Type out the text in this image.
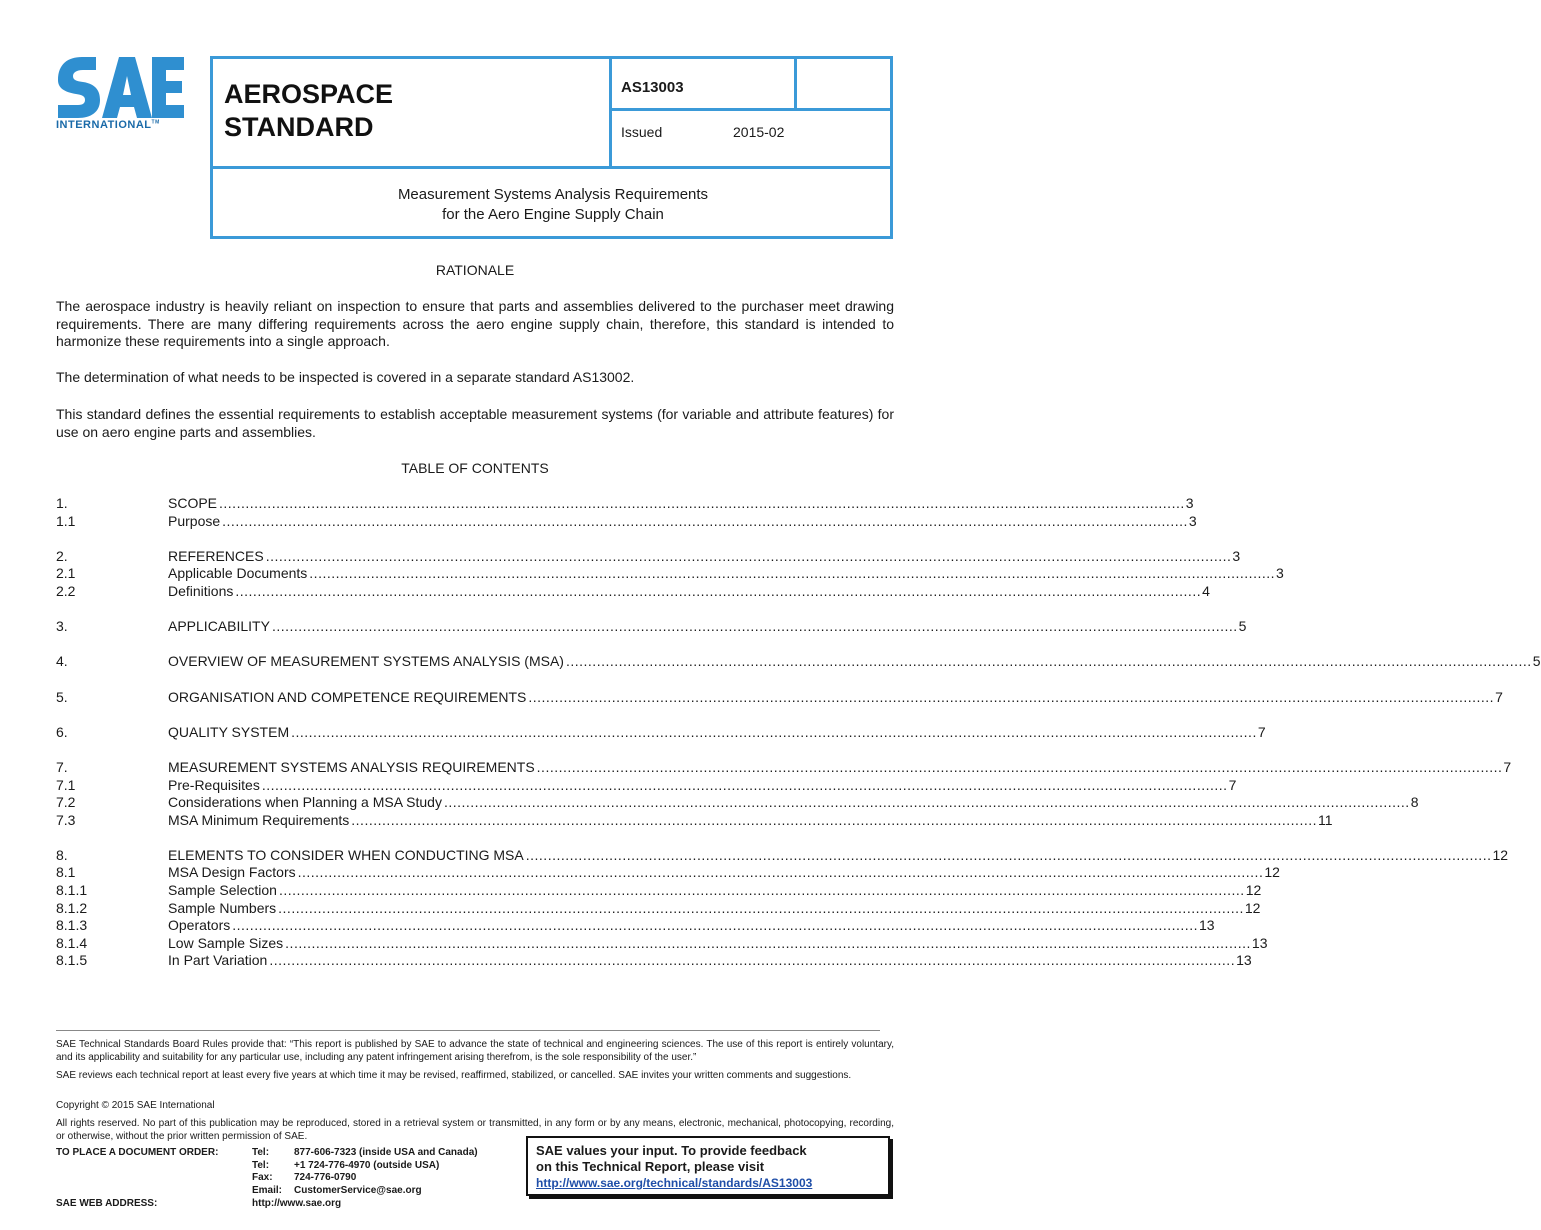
INTERNATIONAL™
AEROSPACE
STANDARD
AS13003
Issued	2015-02
Measurement Systems Analysis Requirements
for the Aero Engine Supply Chain
RATIONALE
The aerospace industry is heavily reliant on inspection to ensure that parts and assemblies delivered to the purchaser meet drawing requirements. There are many differing requirements across the aero engine supply chain, therefore, this standard is intended to harmonize these requirements into a single approach.
The determination of what needs to be inspected is covered in a separate standard AS13002.
This standard defines the essential requirements to establish acceptable measurement systems (for variable and attribute features) for use on aero engine parts and assemblies.
TABLE OF CONTENTS
1.	SCOPE ............................................................................................................................................................................................................................ 3
1.1	Purpose ............................................................................................................................................................................................................................ 3
2.	REFERENCES ............................................................................................................................................................................................................................ 3
2.1	Applicable Documents ............................................................................................................................................................................................................................ 3
2.2	Definitions ............................................................................................................................................................................................................................ 4
3.	APPLICABILITY ............................................................................................................................................................................................................................ 5
4.	OVERVIEW OF MEASUREMENT SYSTEMS ANALYSIS (MSA) ............................................................................................................................................................................................................................ 5
5.	ORGANISATION AND COMPETENCE REQUIREMENTS ............................................................................................................................................................................................................................ 7
6.	QUALITY SYSTEM ............................................................................................................................................................................................................................ 7
7.	MEASUREMENT SYSTEMS ANALYSIS REQUIREMENTS ............................................................................................................................................................................................................................ 7
7.1	Pre-Requisites ............................................................................................................................................................................................................................ 7
7.2	Considerations when Planning a MSA Study ............................................................................................................................................................................................................................ 8
7.3	MSA Minimum Requirements ............................................................................................................................................................................................................................ 11
8.	ELEMENTS TO CONSIDER WHEN CONDUCTING MSA ............................................................................................................................................................................................................................ 12
8.1	MSA Design Factors ............................................................................................................................................................................................................................ 12
8.1.1	Sample Selection ............................................................................................................................................................................................................................ 12
8.1.2	Sample Numbers ............................................................................................................................................................................................................................ 12
8.1.3	Operators ............................................................................................................................................................................................................................ 13
8.1.4	Low Sample Sizes ............................................................................................................................................................................................................................ 13
8.1.5	In Part Variation ............................................................................................................................................................................................................................ 13
SAE Technical Standards Board Rules provide that: “This report is published by SAE to advance the state of technical and engineering sciences. The use of this report is entirely voluntary, and its applicability and suitability for any particular use, including any patent infringement arising therefrom, is the sole responsibility of the user.”
SAE reviews each technical report at least every five years at which time it may be revised, reaffirmed, stabilized, or cancelled. SAE invites your written comments and suggestions.
Copyright © 2015 SAE International
All rights reserved. No part of this publication may be reproduced, stored in a retrieval system or transmitted, in any form or by any means, electronic, mechanical, photocopying, recording, or otherwise, without the prior written permission of SAE.
TO PLACE A DOCUMENT ORDER:	Tel: 877-606-7323 (inside USA and Canada)
Tel: +1 724-776-4970 (outside USA)
Fax: 724-776-0790
Email: CustomerService@sae.org
SAE WEB ADDRESS:	http://www.sae.org
SAE values your input. To provide feedback
on this Technical Report, please visit
http://www.sae.org/technical/standards/AS13003
